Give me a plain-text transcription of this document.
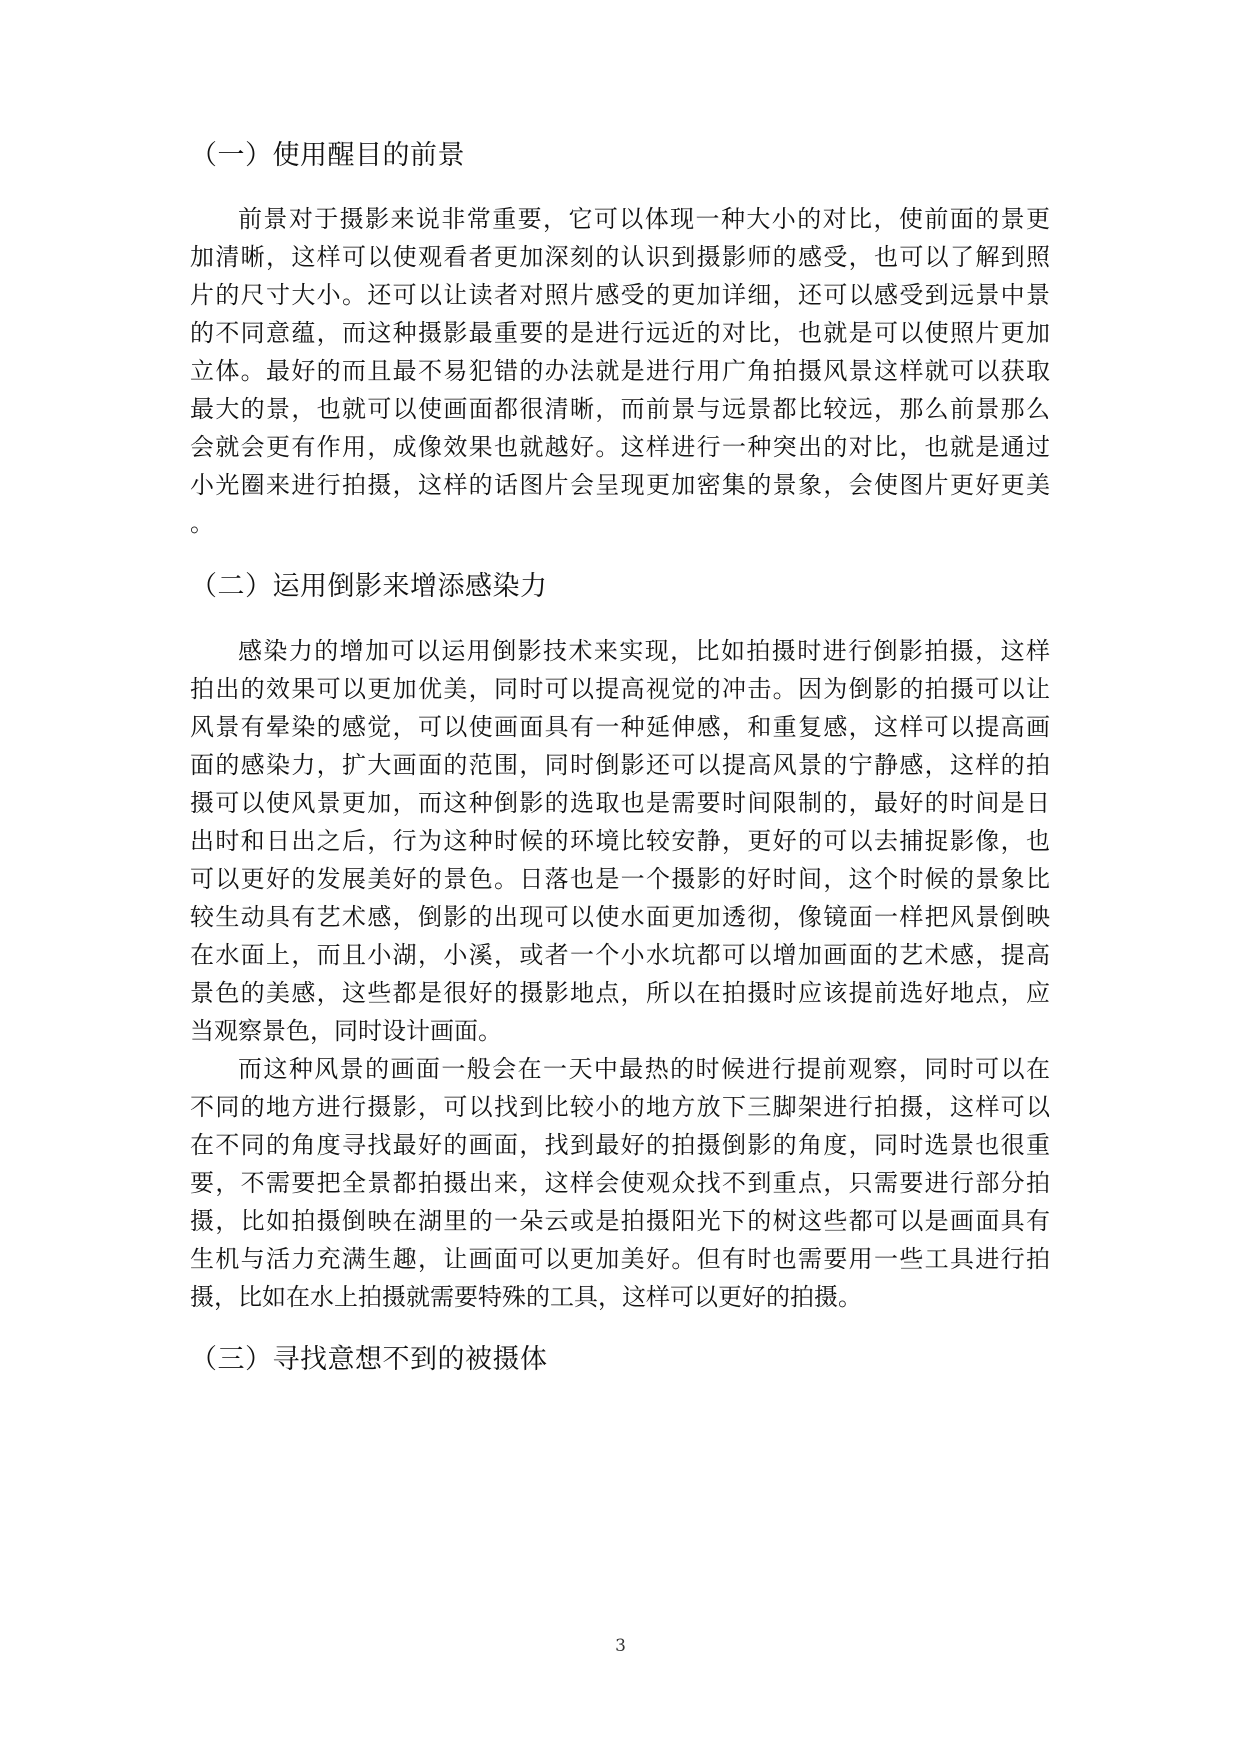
（一）使用醒目的前景
前景对于摄影来说非常重要，它可以体现一种大小的对比，使前面的景更
加清晰，这样可以使观看者更加深刻的认识到摄影师的感受，也可以了解到照
片的尺寸大小。还可以让读者对照片感受的更加详细，还可以感受到远景中景
的不同意蕴，而这种摄影最重要的是进行远近的对比，也就是可以使照片更加
立体。最好的而且最不易犯错的办法就是进行用广角拍摄风景这样就可以获取
最大的景，也就可以使画面都很清晰，而前景与远景都比较远，那么前景那么
会就会更有作用，成像效果也就越好。这样进行一种突出的对比，也就是通过
小光圈来进行拍摄，这样的话图片会呈现更加密集的景象，会使图片更好更美
。
（二）运用倒影来增添感染力
感染力的增加可以运用倒影技术来实现，比如拍摄时进行倒影拍摄，这样
拍出的效果可以更加优美，同时可以提高视觉的冲击。因为倒影的拍摄可以让
风景有晕染的感觉，可以使画面具有一种延伸感，和重复感，这样可以提高画
面的感染力，扩大画面的范围，同时倒影还可以提高风景的宁静感，这样的拍
摄可以使风景更加，而这种倒影的选取也是需要时间限制的，最好的时间是日
出时和日出之后，行为这种时候的环境比较安静，更好的可以去捕捉影像，也
可以更好的发展美好的景色。日落也是一个摄影的好时间，这个时候的景象比
较生动具有艺术感，倒影的出现可以使水面更加透彻，像镜面一样把风景倒映
在水面上，而且小湖，小溪，或者一个小水坑都可以增加画面的艺术感，提高
景色的美感，这些都是很好的摄影地点，所以在拍摄时应该提前选好地点，应
当观察景色，同时设计画面。
而这种风景的画面一般会在一天中最热的时候进行提前观察，同时可以在
不同的地方进行摄影，可以找到比较小的地方放下三脚架进行拍摄，这样可以
在不同的角度寻找最好的画面，找到最好的拍摄倒影的角度，同时选景也很重
要，不需要把全景都拍摄出来，这样会使观众找不到重点，只需要进行部分拍
摄，比如拍摄倒映在湖里的一朵云或是拍摄阳光下的树这些都可以是画面具有
生机与活力充满生趣，让画面可以更加美好。但有时也需要用一些工具进行拍
摄，比如在水上拍摄就需要特殊的工具，这样可以更好的拍摄。
（三）寻找意想不到的被摄体
3
